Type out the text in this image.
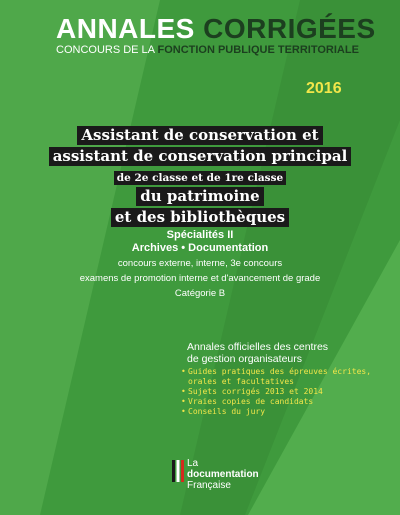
ANNALES CORRIGÉES
CONCOURS DE LA FONCTION PUBLIQUE TERRITORIALE
2016
Assistant de conservation et
assistant de conservation principal
de 2e classe et de 1re classe
du patrimoine
et des bibliothèques
Spécialités II
Archives • Documentation
concours externe, interne, 3e concours
examens de promotion interne et d'avancement de grade
Catégorie B
Annales officielles des centres
de gestion organisateurs
• Guides pratiques des épreuves écrites,
orales et facultatives
• Sujets corrigés 2013 et 2014
• Vraies copies de candidats
• Conseils du jury
La
documentation
Française
